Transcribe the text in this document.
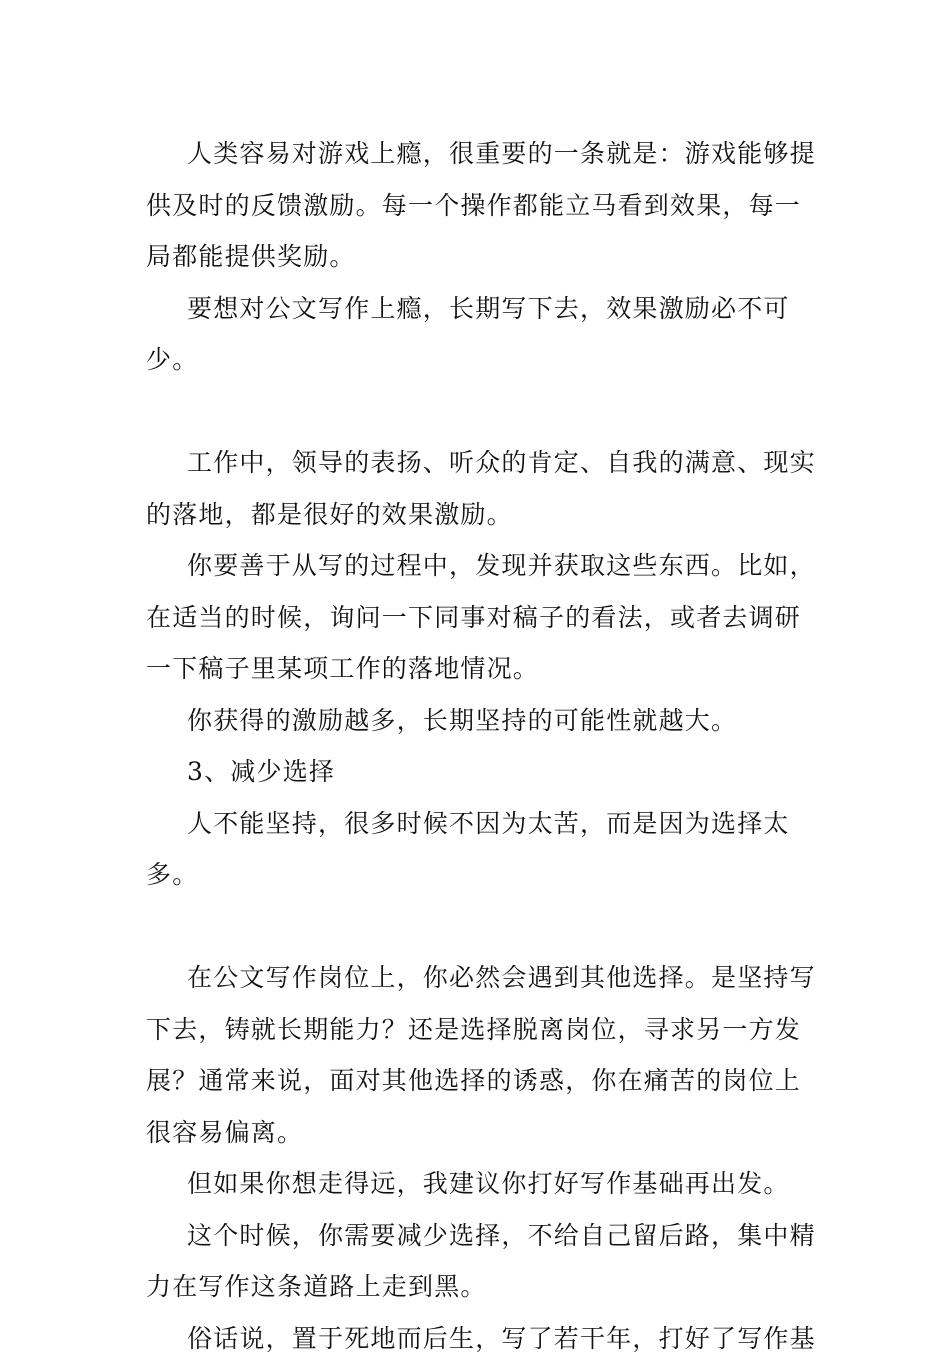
人类容易对游戏上瘾，很重要的一条就是：游戏能够提供及时的反馈激励。每一个操作都能立马看到效果，每一局都能提供奖励。

要想对公文写作上瘾，长期写下去，效果激励必不可少。

工作中，领导的表扬、听众的肯定、自我的满意、现实的落地，都是很好的效果激励。

你要善于从写的过程中，发现并获取这些东西。比如，在适当的时候，询问一下同事对稿子的看法，或者去调研一下稿子里某项工作的落地情况。

你获得的激励越多，长期坚持的可能性就越大。

3、减少选择

人不能坚持，很多时候不因为太苦，而是因为选择太多。

在公文写作岗位上，你必然会遇到其他选择。是坚持写下去，铸就长期能力？还是选择脱离岗位，寻求另一方发展？通常来说，面对其他选择的诱惑，你在痛苦的岗位上很容易偏离。

但如果你想走得远，我建议你打好写作基础再出发。

这个时候，你需要减少选择，不给自己留后路，集中精力在写作这条道路上走到黑。

俗话说，置于死地而后生，写了若干年，打好了写作基
